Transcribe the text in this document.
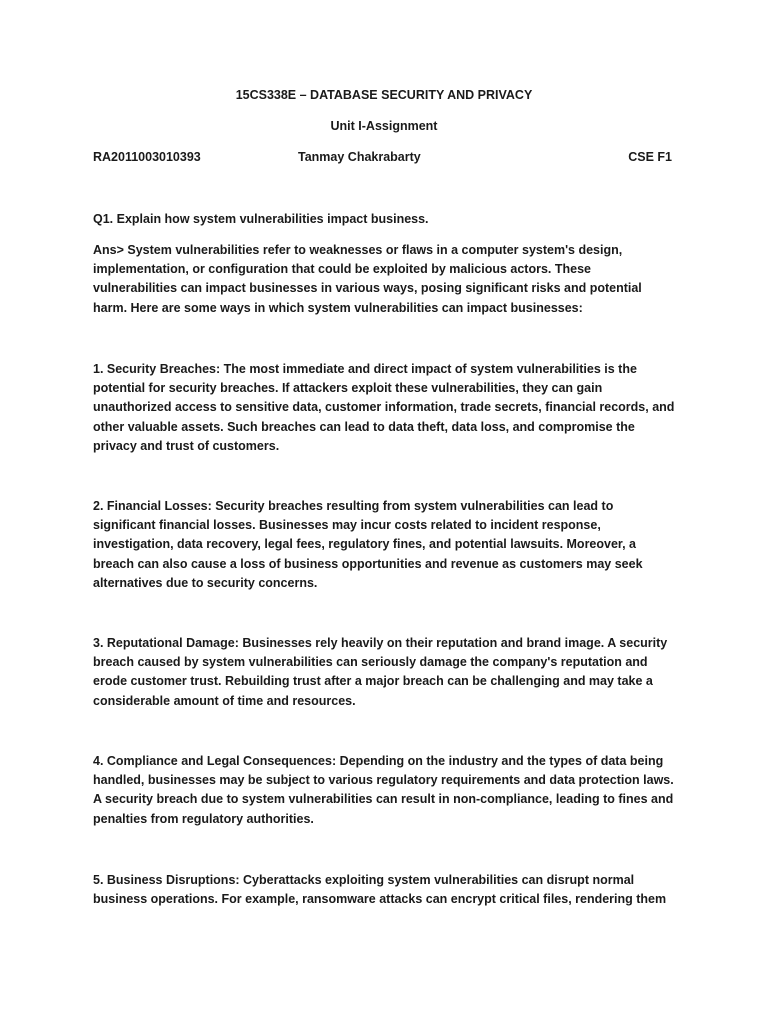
15CS338E – DATABASE SECURITY AND PRIVACY
Unit I-Assignment
RA2011003010393	Tanmay Chakrabarty	CSE F1

Q1. Explain how system vulnerabilities impact business.

Ans> System vulnerabilities refer to weaknesses or flaws in a computer system's design, implementation, or configuration that could be exploited by malicious actors. These vulnerabilities can impact businesses in various ways, posing significant risks and potential harm. Here are some ways in which system vulnerabilities can impact businesses:

1. Security Breaches: The most immediate and direct impact of system vulnerabilities is the potential for security breaches. If attackers exploit these vulnerabilities, they can gain unauthorized access to sensitive data, customer information, trade secrets, financial records, and other valuable assets. Such breaches can lead to data theft, data loss, and compromise the privacy and trust of customers.

2. Financial Losses: Security breaches resulting from system vulnerabilities can lead to significant financial losses. Businesses may incur costs related to incident response, investigation, data recovery, legal fees, regulatory fines, and potential lawsuits. Moreover, a breach can also cause a loss of business opportunities and revenue as customers may seek alternatives due to security concerns.

3. Reputational Damage: Businesses rely heavily on their reputation and brand image. A security breach caused by system vulnerabilities can seriously damage the company's reputation and erode customer trust. Rebuilding trust after a major breach can be challenging and may take a considerable amount of time and resources.

4. Compliance and Legal Consequences: Depending on the industry and the types of data being handled, businesses may be subject to various regulatory requirements and data protection laws. A security breach due to system vulnerabilities can result in non-compliance, leading to fines and penalties from regulatory authorities.

5. Business Disruptions: Cyberattacks exploiting system vulnerabilities can disrupt normal business operations. For example, ransomware attacks can encrypt critical files, rendering them
